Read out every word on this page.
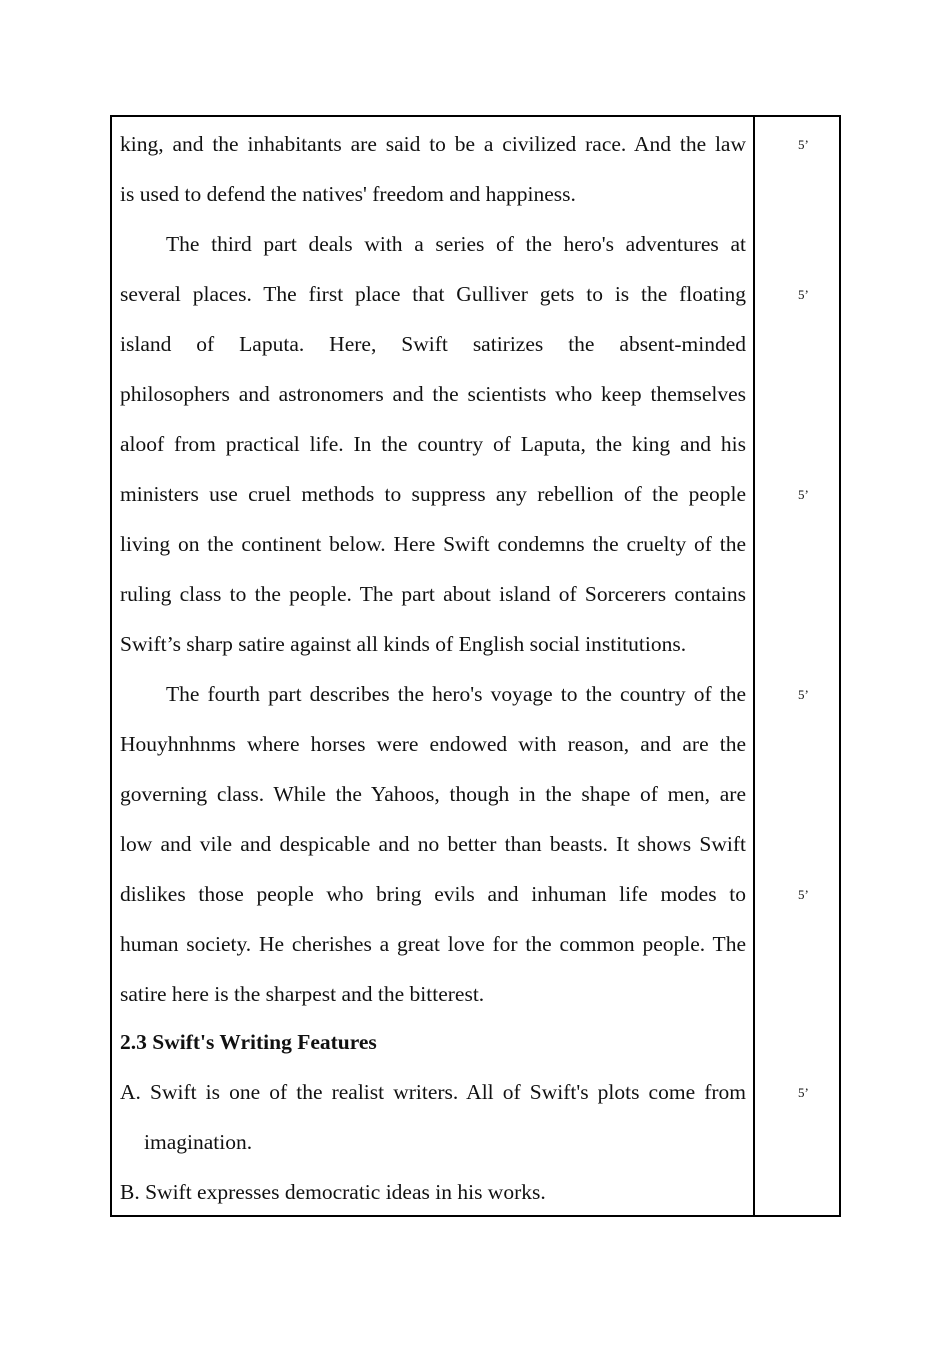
king, and the inhabitants are said to be a civilized race. And the law
is used to defend the natives' freedom and happiness.
The third part deals with a series of the hero's adventures at
several places. The first place that Gulliver gets to is the floating
island of Laputa. Here, Swift satirizes the absent-minded
philosophers and astronomers and the scientists who keep themselves
aloof from practical life. In the country of Laputa, the king and his
ministers use cruel methods to suppress any rebellion of the people
living on the continent below. Here Swift condemns the cruelty of the
ruling class to the people. The part about island of Sorcerers contains
Swift’s sharp satire against all kinds of English social institutions.
The fourth part describes the hero's voyage to the country of the
Houyhnhnms where horses were endowed with reason, and are the
governing class. While the Yahoos, though in the shape of men, are
low and vile and despicable and no better than beasts. It shows Swift
dislikes those people who bring evils and inhuman life modes to
human society. He cherishes a great love for the common people. The
satire here is the sharpest and the bitterest.
2.3 Swift's Writing Features
A. Swift is one of the realist writers. All of Swift's plots come from
imagination.
B. Swift expresses democratic ideas in his works.
5’
5’
5’
5’
5’
5’
